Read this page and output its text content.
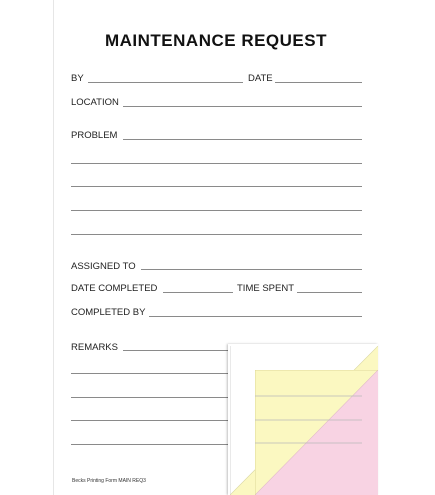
MAINTENANCE REQUEST
BY	DATE
LOCATION
PROBLEM
ASSIGNED TO
DATE COMPLETED	TIME SPENT
COMPLETED BY
REMARKS
Becks Printing Form MAIN REQ3
